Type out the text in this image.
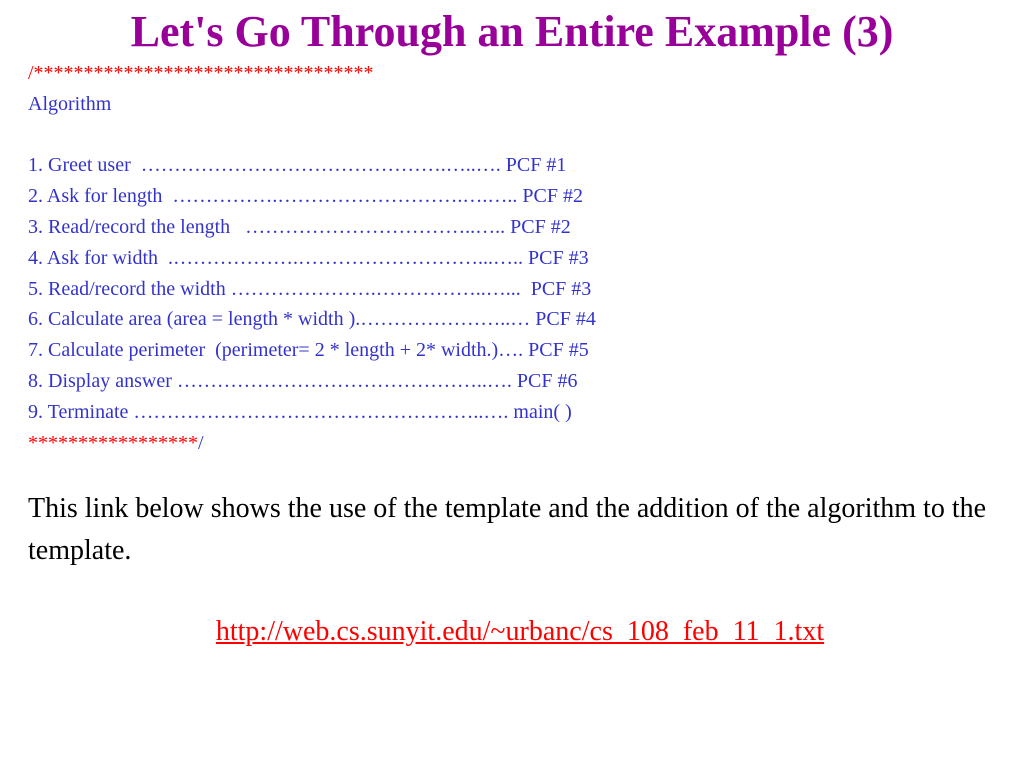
Let's Go Through an Entire Example (3)
/**********************************
Algorithm
1. Greet user  ……………………………………….…..…. PCF #1
2. Ask for length  …………….……………………….….….. PCF #2
3. Read/record the length   ……………………………..….. PCF #2
4. Ask for width  .……………….………………………...….. PCF #3
5. Read/record the width ………………….……………..…...  PCF #3
6. Calculate area (area = length * width ).…………………..… PCF #4
7. Calculate perimeter  (perimeter= 2 * length + 2* width.)…. PCF #5
8. Display answer ………………………………………..…. PCF #6
9. Terminate ……………………………………………..…. main( )
*****************/
This link below shows the use of the template and the addition of the algorithm to the template.
http://web.cs.sunyit.edu/~urbanc/cs_108_feb_11_1.txt
